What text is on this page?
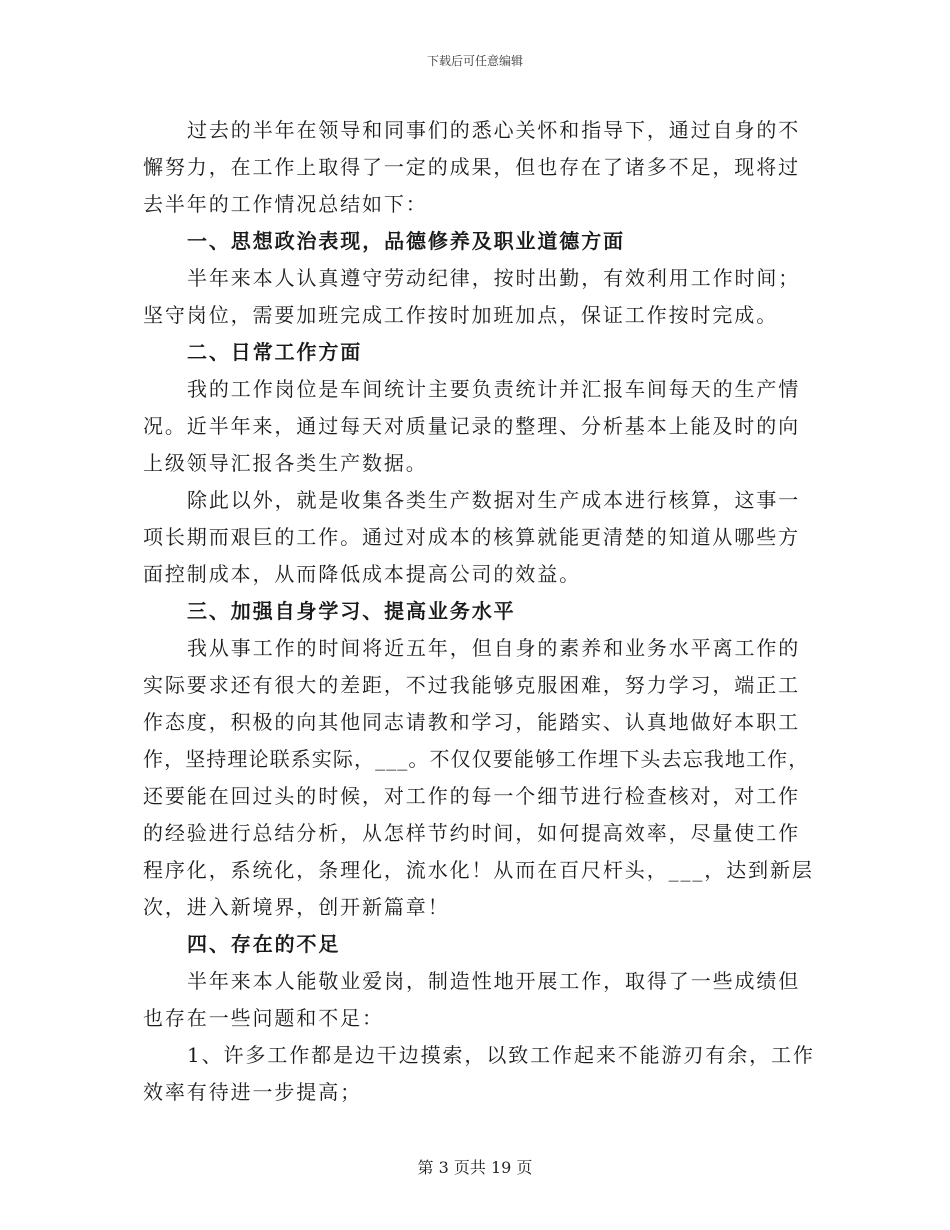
下载后可任意编辑
过去的半年在领导和同事们的悉心关怀和指导下，通过自身的不
懈努力，在工作上取得了一定的成果，但也存在了诸多不足，现将过
去半年的工作情况总结如下：
一、思想政治表现，品德修养及职业道德方面
半年来本人认真遵守劳动纪律，按时出勤，有效利用工作时间；
坚守岗位，需要加班完成工作按时加班加点，保证工作按时完成。
二、日常工作方面
我的工作岗位是车间统计主要负责统计并汇报车间每天的生产情
况。近半年来，通过每天对质量记录的整理、分析基本上能及时的向
上级领导汇报各类生产数据。
除此以外，就是收集各类生产数据对生产成本进行核算，这事一
项长期而艰巨的工作。通过对成本的核算就能更清楚的知道从哪些方
面控制成本，从而降低成本提高公司的效益。
三、加强自身学习、提高业务水平
我从事工作的时间将近五年，但自身的素养和业务水平离工作的
实际要求还有很大的差距，不过我能够克服困难，努力学习，端正工
作态度，积极的向其他同志请教和学习，能踏实、认真地做好本职工
作，坚持理论联系实际，___。不仅仅要能够工作埋下头去忘我地工作，
还要能在回过头的时候，对工作的每一个细节进行检查核对，对工作
的经验进行总结分析，从怎样节约时间，如何提高效率，尽量使工作
程序化，系统化，条理化，流水化！从而在百尺杆头，___，达到新层
次，进入新境界，创开新篇章！
四、存在的不足
半年来本人能敬业爱岗，制造性地开展工作，取得了一些成绩但
也存在一些问题和不足：
1、许多工作都是边干边摸索，以致工作起来不能游刃有余，工作
效率有待进一步提高；
第 3 页共 19 页
